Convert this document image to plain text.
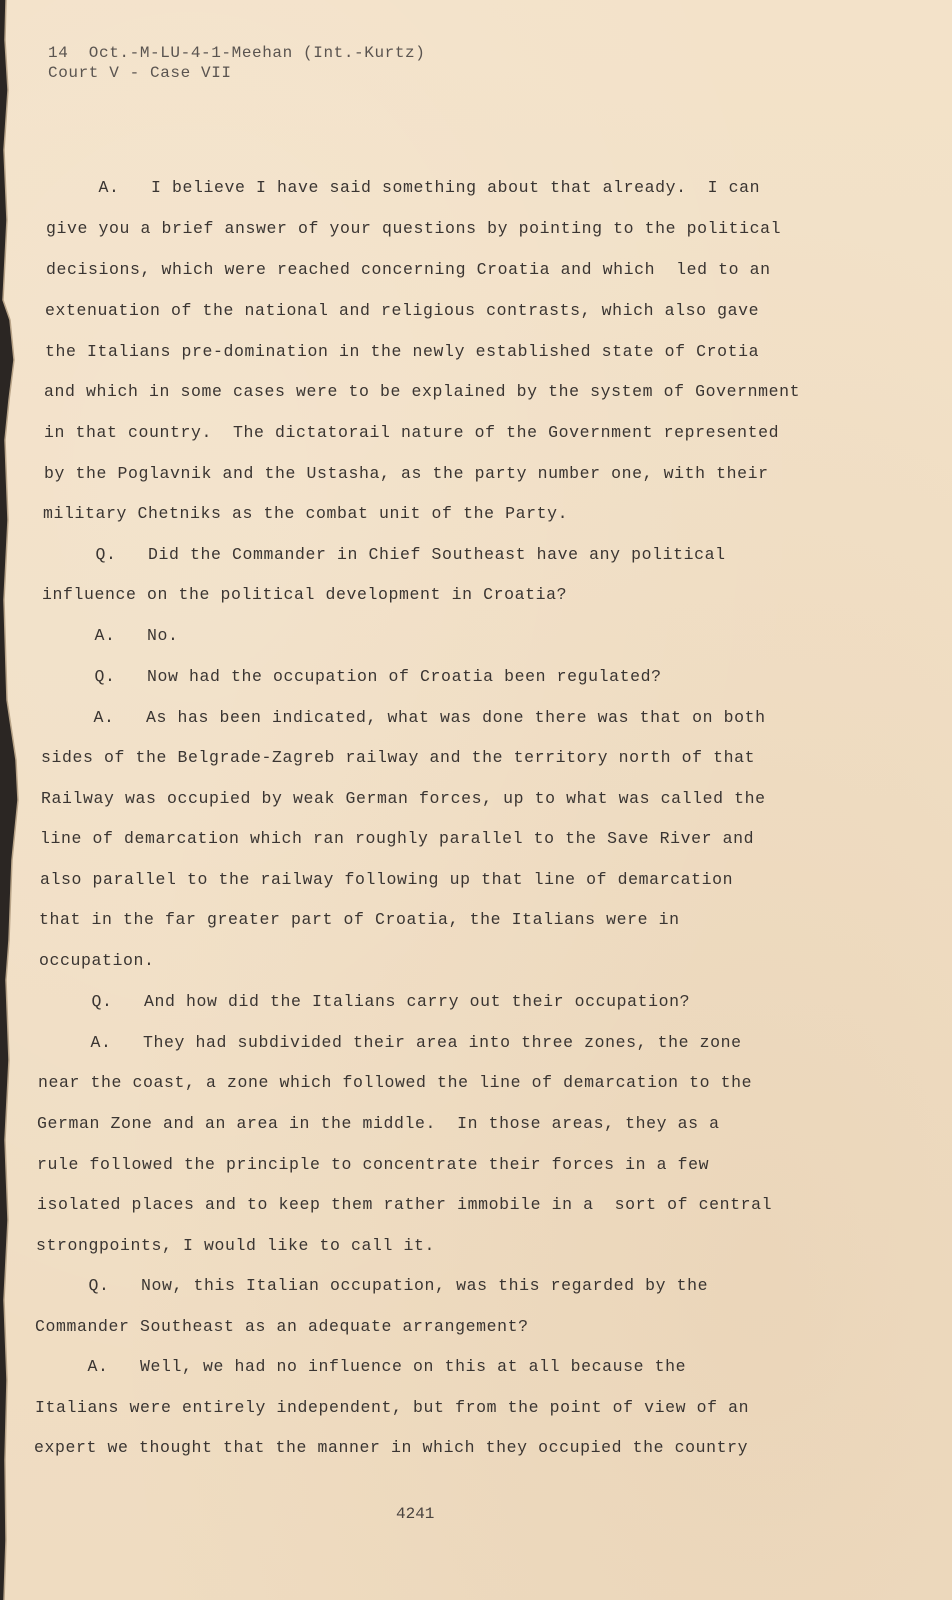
14  Oct.-M-LU-4-1-Meehan (Int.-Kurtz)
Court V - Case VII
A.   I believe I have said something about that already.  I can
give you a brief answer of your questions by pointing to the political
decisions, which were reached concerning Croatia and which  led to an
extenuation of the national and religious contrasts, which also gave
the Italians pre-domination in the newly established state of Crotia
and which in some cases were to be explained by the system of Government
in that country.  The dictatorail nature of the Government represented
by the Poglavnik and the Ustasha, as the party number one, with their
military Chetniks as the combat unit of the Party.
Q.   Did the Commander in Chief Southeast have any political
influence on the political development in Croatia?
A.   No.
Q.   Now had the occupation of Croatia been regulated?
A.   As has been indicated, what was done there was that on both
sides of the Belgrade-Zagreb railway and the territory north of that
Railway was occupied by weak German forces, up to what was called the
line of demarcation which ran roughly parallel to the Save River and
also parallel to the railway following up that line of demarcation
that in the far greater part of Croatia, the Italians were in
occupation.
Q.   And how did the Italians carry out their occupation?
A.   They had subdivided their area into three zones, the zone
near the coast, a zone which followed the line of demarcation to the
German Zone and an area in the middle.  In those areas, they as a
rule followed the principle to concentrate their forces in a few
isolated places and to keep them rather immobile in a  sort of central
strongpoints, I would like to call it.
Q.   Now, this Italian occupation, was this regarded by the
Commander Southeast as an adequate arrangement?
A.   Well, we had no influence on this at all because the
Italians were entirely independent, but from the point of view of an
expert we thought that the manner in which they occupied the country
4241
